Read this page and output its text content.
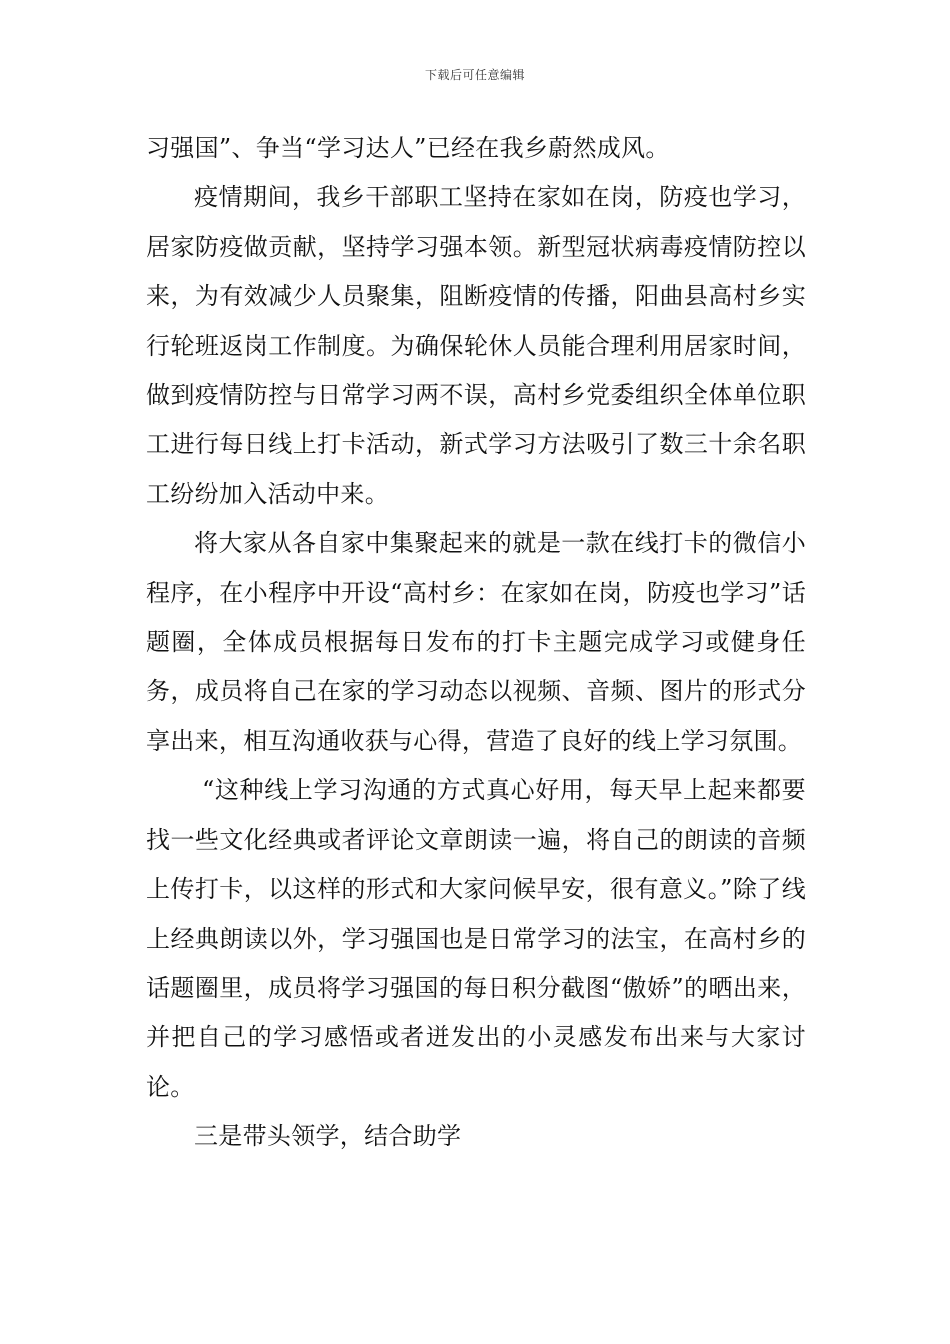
下载后可任意编辑

习强国”、争当“学习达人”已经在我乡蔚然成风。

疫情期间，我乡干部职工坚持在家如在岗，防疫也学习，居家防疫做贡献，坚持学习强本领。新型冠状病毒疫情防控以来，为有效减少人员聚集，阻断疫情的传播，阳曲县高村乡实行轮班返岗工作制度。为确保轮休人员能合理利用居家时间，做到疫情防控与日常学习两不误，高村乡党委组织全体单位职工进行每日线上打卡活动，新式学习方法吸引了数三十余名职工纷纷加入活动中来。

将大家从各自家中集聚起来的就是一款在线打卡的微信小程序，在小程序中开设“高村乡：在家如在岗，防疫也学习”话题圈，全体成员根据每日发布的打卡主题完成学习或健身任务，成员将自己在家的学习动态以视频、音频、图片的形式分享出来，相互沟通收获与心得，营造了良好的线上学习氛围。

“这种线上学习沟通的方式真心好用，每天早上起来都要找一些文化经典或者评论文章朗读一遍，将自己的朗读的音频上传打卡，以这样的形式和大家问候早安，很有意义。”除了线上经典朗读以外，学习强国也是日常学习的法宝，在高村乡的话题圈里，成员将学习强国的每日积分截图“傲娇”的晒出来，并把自己的学习感悟或者迸发出的小灵感发布出来与大家讨论。

三是带头领学，结合助学
